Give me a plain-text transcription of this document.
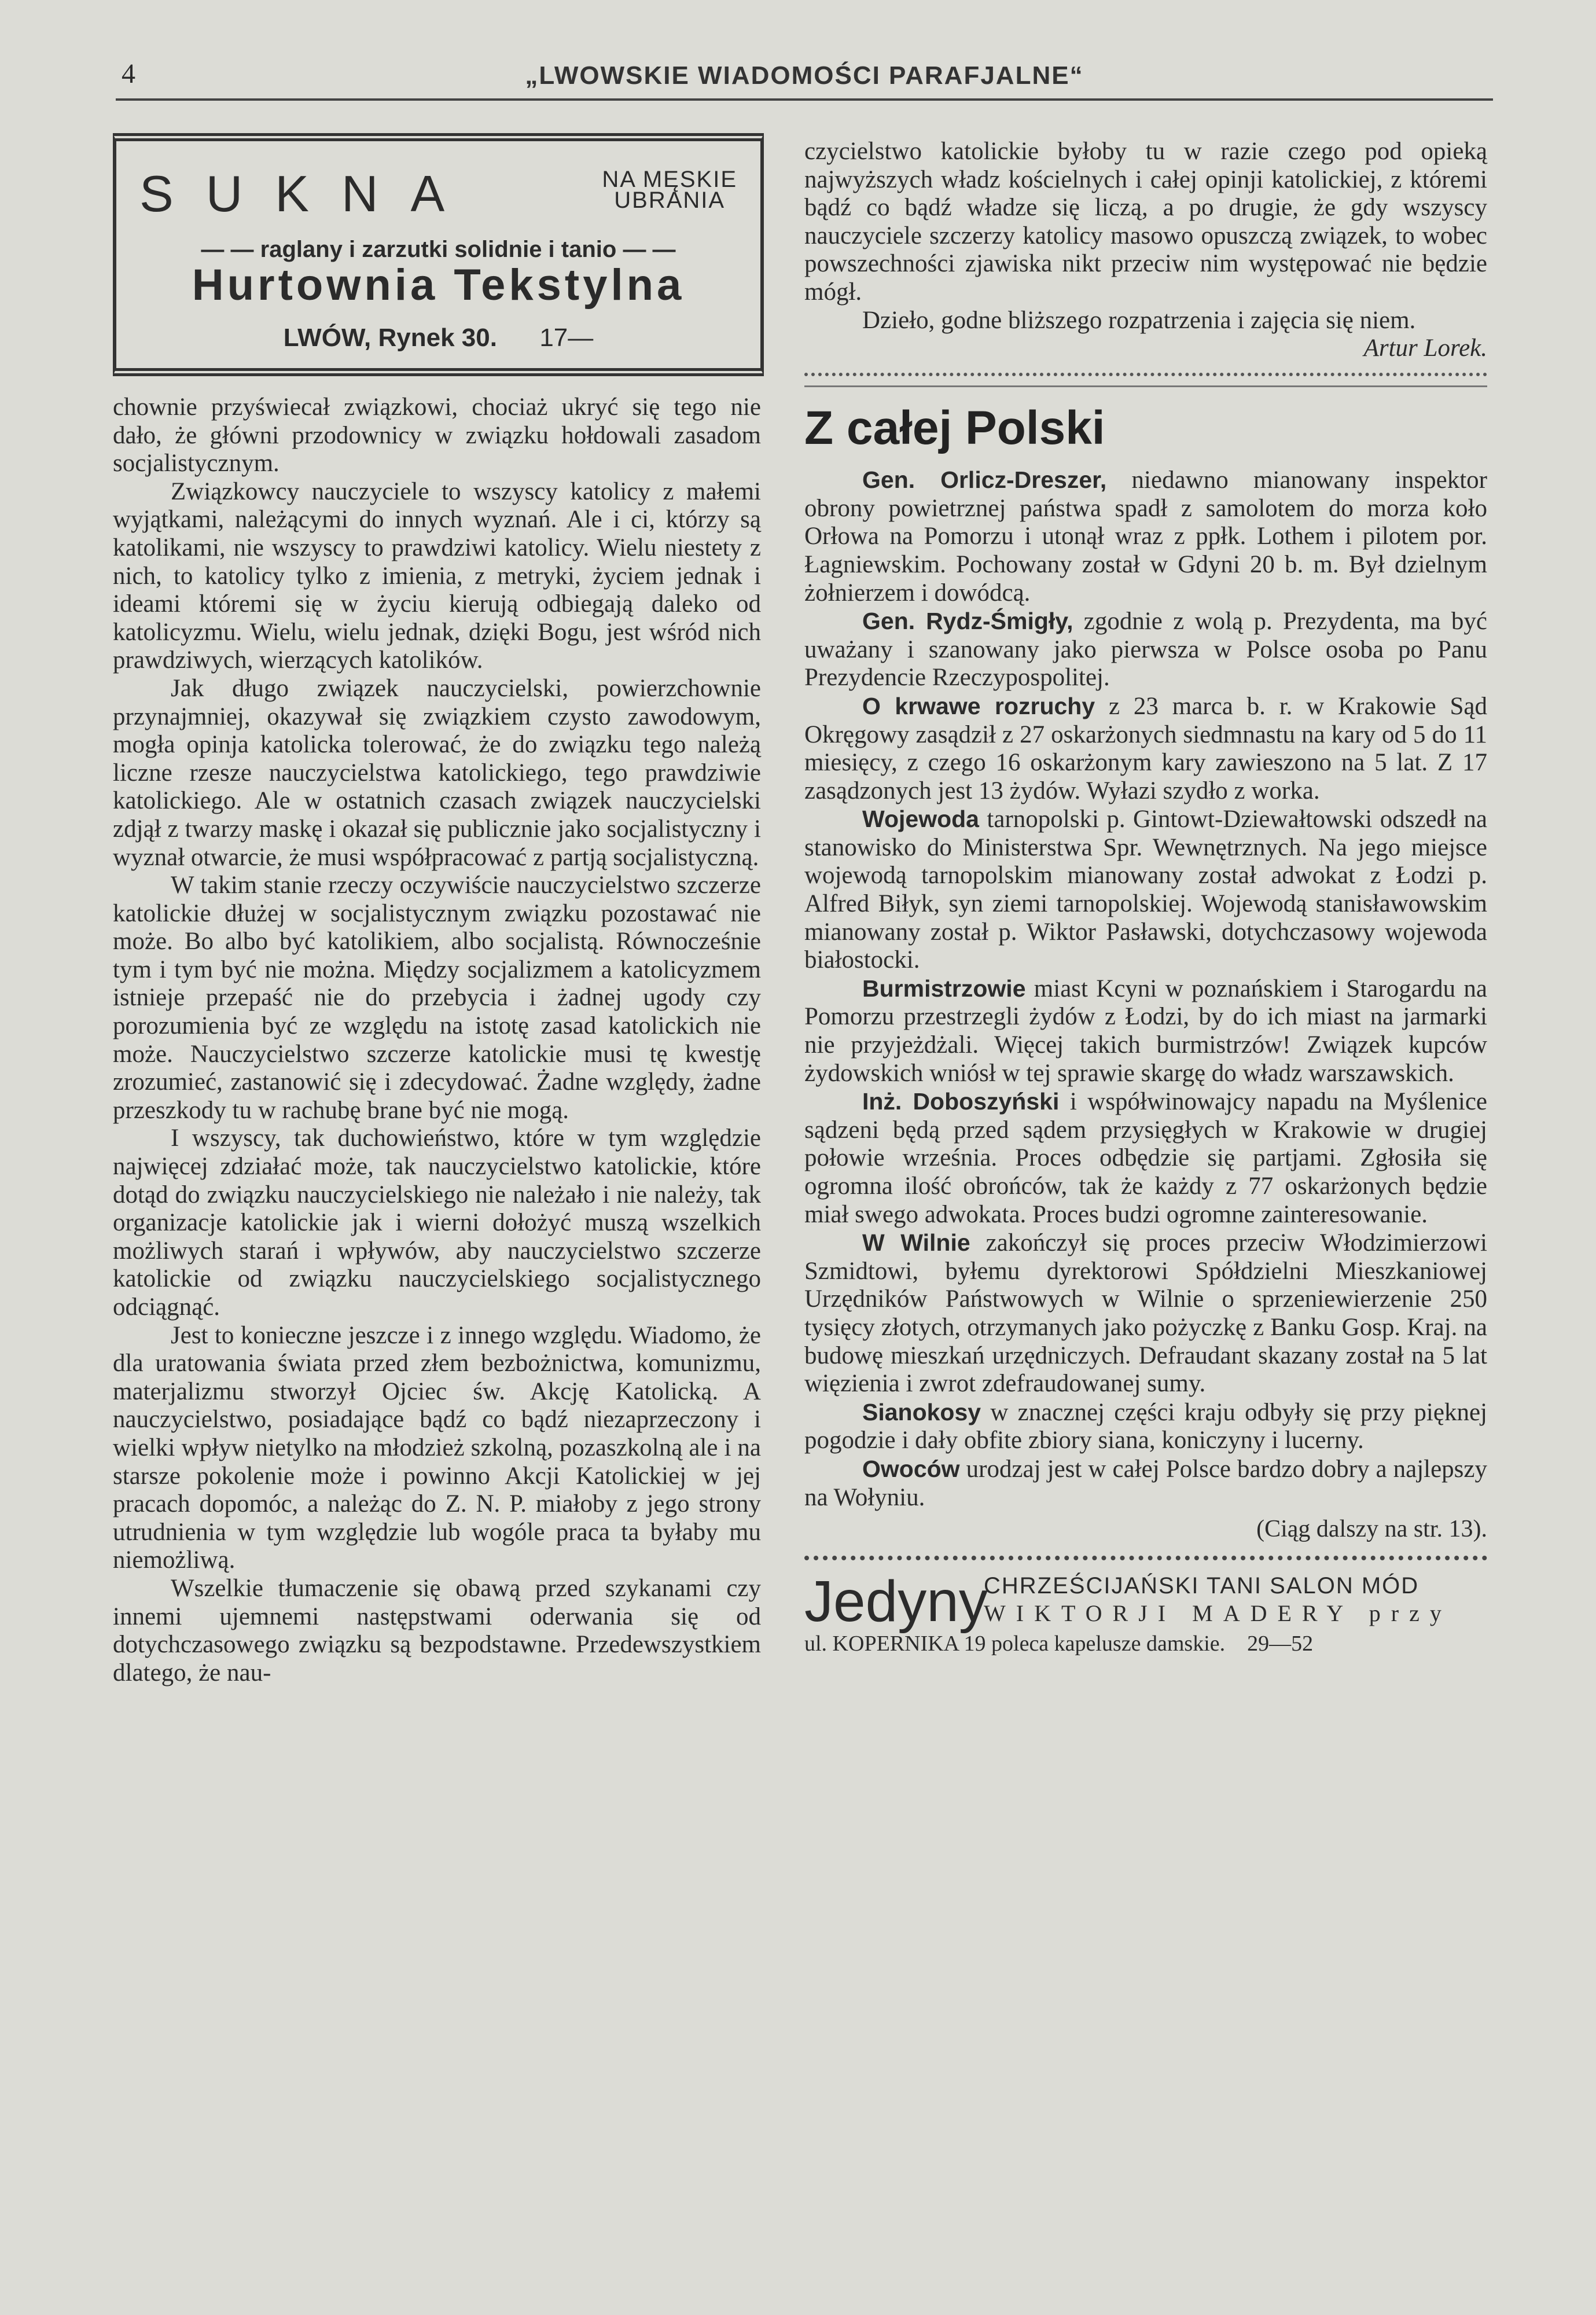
4	„LWOWSKIE WIADOMOŚCI PARAFJALNE“
SUKNA	NA MĘSKIE
UBRANIA
— — raglany i zarzutki solidnie i tanio — —
Hurtownia Tekstylna
LWÓW, Rynek 30. 17—

chownie przyświecał związkowi, chociaż ukryć się tego nie dało, że główni przodownicy w związku hołdowali zasadom socjalistycznym.

Związkowcy nauczyciele to wszyscy katolicy z małemi wyjątkami, należącymi do innych wyznań. Ale i ci, którzy są katolikami, nie wszyscy to prawdziwi katolicy. Wielu niestety z nich, to katolicy tylko z imienia, z metryki, życiem jednak i ideami któremi się w życiu kierują odbiegają daleko od katolicyzmu. Wielu, wielu jednak, dzięki Bogu, jest wśród nich prawdziwych, wierzących katolików.

Jak długo związek nauczycielski, powierzchownie przynajmniej, okazywał się związkiem czysto zawodowym, mogła opinja katolicka tolerować, że do związku tego należą liczne rzesze nauczycielstwa katolickiego, tego prawdziwie katolickiego. Ale w ostatnich czasach związek nauczycielski zdjął z twarzy maskę i okazał się publicznie jako socjalistyczny i wyznał otwarcie, że musi współpracować z partją socjalistyczną.

W takim stanie rzeczy oczywiście nauczycielstwo szczerze katolickie dłużej w socjalistycznym związku pozostawać nie może. Bo albo być katolikiem, albo socjalistą. Równocześnie tym i tym być nie można. Między socjalizmem a katolicyzmem istnieje przepaść nie do przebycia i żadnej ugody czy porozumienia być ze względu na istotę zasad katolickich nie może. Nauczycielstwo szczerze katolickie musi tę kwestję zrozumieć, zastanowić się i zdecydować. Żadne względy, żadne przeszkody tu w rachubę brane być nie mogą.

I wszyscy, tak duchowieństwo, które w tym względzie najwięcej zdziałać może, tak nauczycielstwo katolickie, które dotąd do związku nauczycielskiego nie należało i nie należy, tak organizacje katolickie jak i wierni dołożyć muszą wszelkich możliwych starań i wpływów, aby nauczycielstwo szczerze katolickie od związku nauczycielskiego socjalistycznego odciągnąć.

Jest to konieczne jeszcze i z innego względu. Wiadomo, że dla uratowania świata przed złem bezbożnictwa, komunizmu, materjalizmu stworzył Ojciec św. Akcję Katolicką. A nauczycielstwo, posiadające bądź co bądź niezaprzeczony i wielki wpływ nietylko na młodzież szkolną, pozaszkolną ale i na starsze pokolenie może i powinno Akcji Katolickiej w jej pracach dopomóc, a należąc do Z. N. P. miałoby z jego strony utrudnienia w tym względzie lub wogóle praca ta byłaby mu niemożliwą.

Wszelkie tłumaczenie się obawą przed szykanami czy innemi ujemnemi następstwami oderwania się od dotychczasowego związku są bezpodstawne. Przedewszystkiem dlatego, że nau-

czycielstwo katolickie byłoby tu w razie czego pod opieką najwyższych władz kościelnych i całej opinji katolickiej, z któremi bądź co bądź władze się liczą, a po drugie, że gdy wszyscy nauczyciele szczerzy katolicy masowo opuszczą związek, to wobec powszechności zjawiska nikt przeciw nim występować nie będzie mógł.

Dzieło, godne bliższego rozpatrzenia i zajęcia się niem.

Artur Lorek.

Z całej Polski

Gen. Orlicz-Dreszer, niedawno mianowany inspektor obrony powietrznej państwa spadł z samolotem do morza koło Orłowa na Pomorzu i utonął wraz z ppłk. Lothem i pilotem por. Łagniewskim. Pochowany został w Gdyni 20 b. m. Był dzielnym żołnierzem i dowódcą.

Gen. Rydz-Śmigły, zgodnie z wolą p. Prezydenta, ma być uważany i szanowany jako pierwsza w Polsce osoba po Panu Prezydencie Rzeczypospolitej.

O krwawe rozruchy z 23 marca b. r. w Krakowie Sąd Okręgowy zasądził z 27 oskarżonych siedmnastu na kary od 5 do 11 miesięcy, z czego 16 oskarżonym kary zawieszono na 5 lat. Z 17 zasądzonych jest 13 żydów. Wyłazi szydło z worka.

Wojewoda tarnopolski p. Gintowt-Dziewałtowski odszedł na stanowisko do Ministerstwa Spr. Wewnętrznych. Na jego miejsce wojewodą tarnopolskim mianowany został adwokat z Łodzi p. Alfred Biłyk, syn ziemi tarnopolskiej. Wojewodą stanisławowskim mianowany został p. Wiktor Pasławski, dotychczasowy wojewoda białostocki.

Burmistrzowie miast Kcyni w poznańskiem i Starogardu na Pomorzu przestrzegli żydów z Łodzi, by do ich miast na jarmarki nie przyjeżdżali. Więcej takich burmistrzów! Związek kupców żydowskich wniósł w tej sprawie skargę do władz warszawskich.

Inż. Doboszyński i współwinowajcy napadu na Myślenice sądzeni będą przed sądem przysięgłych w Krakowie w drugiej połowie września. Proces odbędzie się partjami. Zgłosiła się ogromna ilość obrońców, tak że każdy z 77 oskarżonych będzie miał swego adwokata. Proces budzi ogromne zainteresowanie.

W Wilnie zakończył się proces przeciw Włodzimierzowi Szmidtowi, byłemu dyrektorowi Spółdzielni Mieszkaniowej Urzędników Państwowych w Wilnie o sprzeniewierzenie 250 tysięcy złotych, otrzymanych jako pożyczkę z Banku Gosp. Kraj. na budowę mieszkań urzędniczych. Defraudant skazany został na 5 lat więzienia i zwrot zdefraudowanej sumy.

Sianokosy w znacznej części kraju odbyły się przy pięknej pogodzie i dały obfite zbiory siana, koniczyny i lucerny.

Owoców urodzaj jest w całej Polsce bardzo dobry a najlepszy na Wołyniu.

(Ciąg dalszy na str. 13).

Jedyny
CHRZEŚCIJAŃSKI TANI SALON MÓD
WIKTORJI MADERY przy
ul. KOPERNIKA 19 poleca kapelusze damskie. 29—52
